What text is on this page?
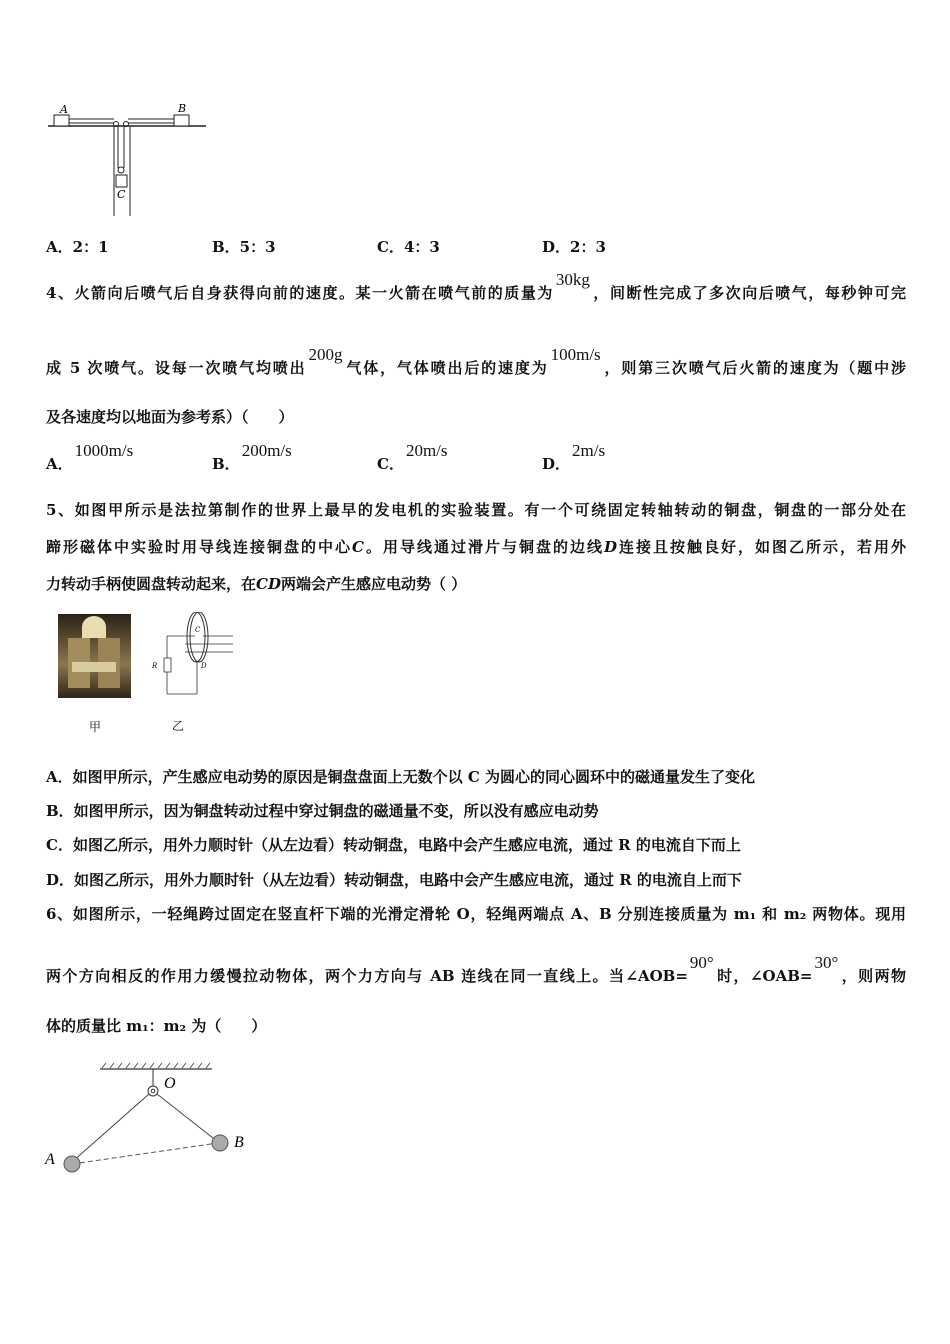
A	B
C
A．2：1	B．5：3	C．4：3	D．2：3
4、火箭向后喷气后自身获得向前的速度。某一火箭在喷气前的质量为30kg，间断性完成了多次向后喷气，每秒钟可完
成 5 次喷气。设每一次喷气均喷出200g气体，气体喷出后的速度为100m/s，则第三次喷气后火箭的速度为（题中涉
及各速度均以地面为参考系）（　　）
A．1000m/s
B．200m/s
C．20m/s
D．2m/s
5、如图甲所示是法拉第制作的世界上最早的发电机的实验装置。有一个可绕固定转轴转动的铜盘，铜盘的一部分处在
蹄形磁体中实验时用导线连接铜盘的中心C。用导线通过滑片与铜盘的边线D连接且按触良好，如图乙所示，若用外
力转动手柄使圆盘转动起来，在CD两端会产生感应电动势（ ）
R
C
D
甲	乙
A．如图甲所示，产生感应电动势的原因是铜盘盘面上无数个以 C 为圆心的同心圆环中的磁通量发生了变化
B．如图甲所示，因为铜盘转动过程中穿过铜盘的磁通量不变，所以没有感应电动势
C．如图乙所示，用外力顺时针（从左边看）转动铜盘，电路中会产生感应电流，通过 R 的电流自下而上
D．如图乙所示，用外力顺时针（从左边看）转动铜盘，电路中会产生感应电流，通过 R 的电流自上而下
6、如图所示，一轻绳跨过固定在竖直杆下端的光滑定滑轮 O，轻绳两端点 A、B 分别连接质量为 m₁ 和 m₂ 两物体。现用
两个方向相反的作用力缓慢拉动物体，两个力方向与 AB 连线在同一直线上。当∠AOB=90°时，∠OAB=30°，则两物
体的质量比 m₁：m₂ 为（　　）
O
A
B
